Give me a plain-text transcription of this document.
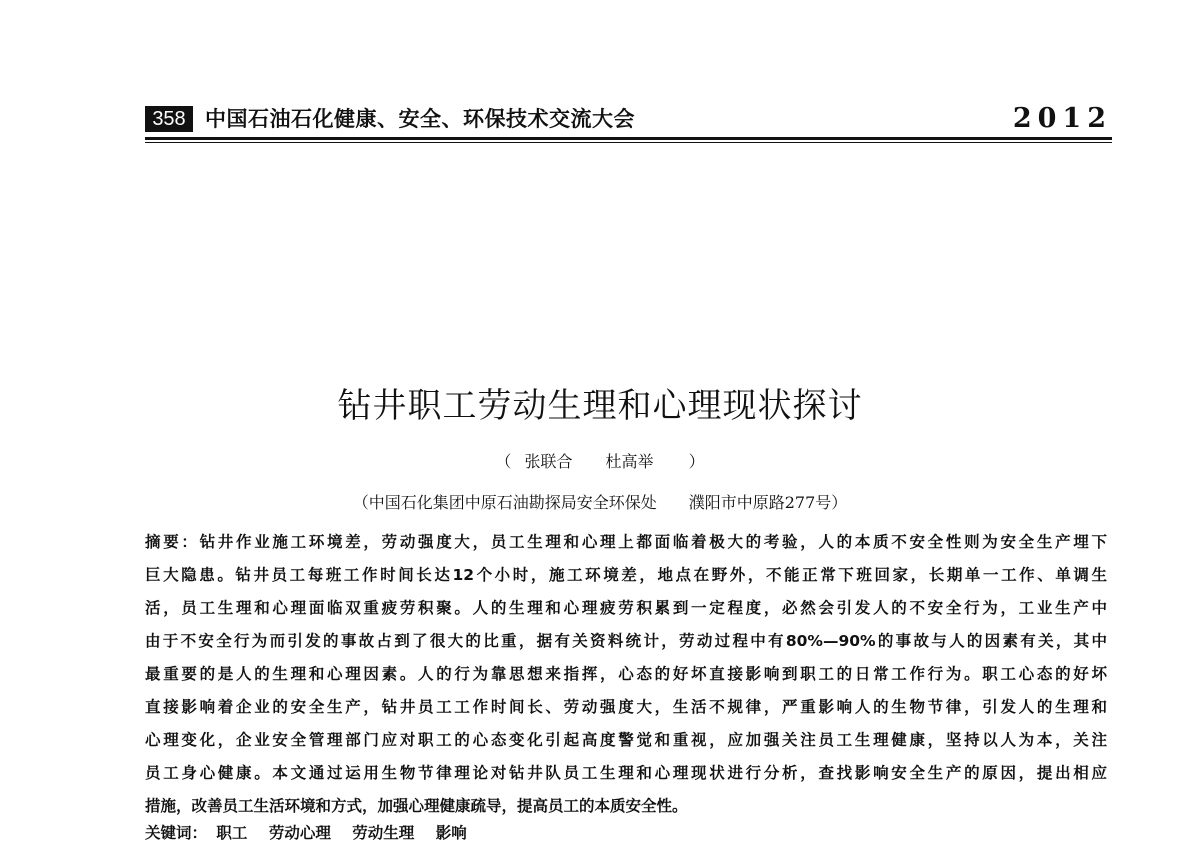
358 中国石油石化健康、安全、环保技术交流大会	2012
钻井职工劳动生理和心理现状探讨
（ 张联合 杜高举 ）
（中国石化集团中原石油勘探局安全环保处　　濮阳市中原路277号）
摘要：钻井作业施工环境差，劳动强度大，员工生理和心理上都面临着极大的考验，人的本质不安全性则为安全生产埋下
巨大隐患。钻井员工每班工作时间长达12个小时，施工环境差，地点在野外，不能正常下班回家，长期单一工作、单调生
活，员工生理和心理面临双重疲劳积聚。人的生理和心理疲劳积累到一定程度，必然会引发人的不安全行为，工业生产中
由于不安全行为而引发的事故占到了很大的比重，据有关资料统计，劳动过程中有80%—90%的事故与人的因素有关，其中
最重要的是人的生理和心理因素。人的行为靠思想来指挥，心态的好坏直接影响到职工的日常工作行为。职工心态的好坏
直接影响着企业的安全生产，钻井员工工作时间长、劳动强度大，生活不规律，严重影响人的生物节律，引发人的生理和
心理变化，企业安全管理部门应对职工的心态变化引起高度警觉和重视，应加强关注员工生理健康，坚持以人为本，关注
员工身心健康。本文通过运用生物节律理论对钻井队员工生理和心理现状进行分析，查找影响安全生产的原因，提出相应
措施，改善员工生活环境和方式，加强心理健康疏导，提高员工的本质安全性。
关键词： 职工 劳动心理 劳动生理 影响
